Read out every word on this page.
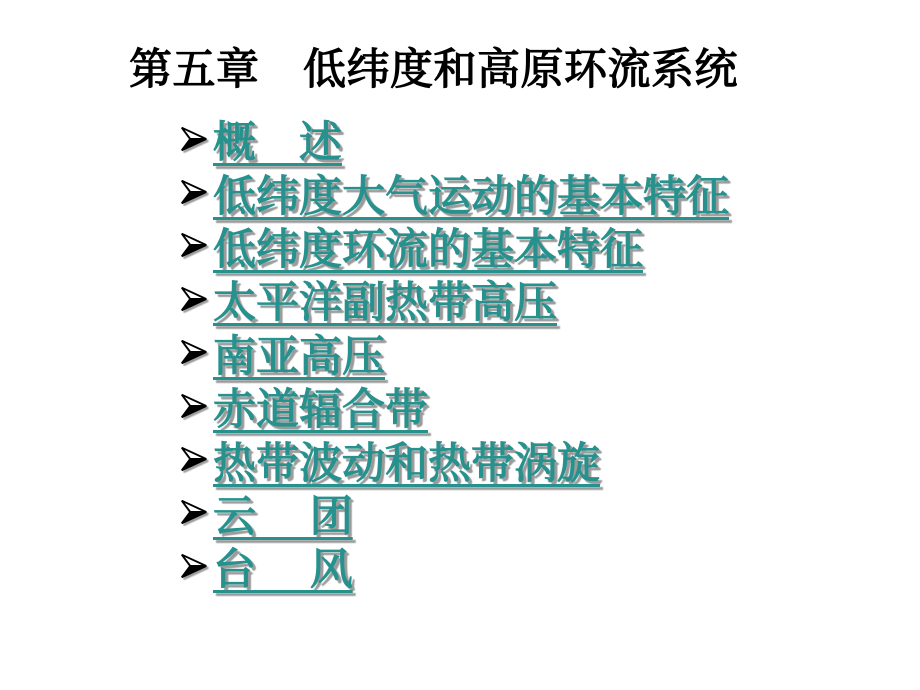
第五章　低纬度和高原环流系统
概　述
低纬度大气运动的基本特征
低纬度环流的基本特征
太平洋副热带高压
南亚高压
赤道辐合带
热带波动和热带涡旋
云　 团
台　 风
